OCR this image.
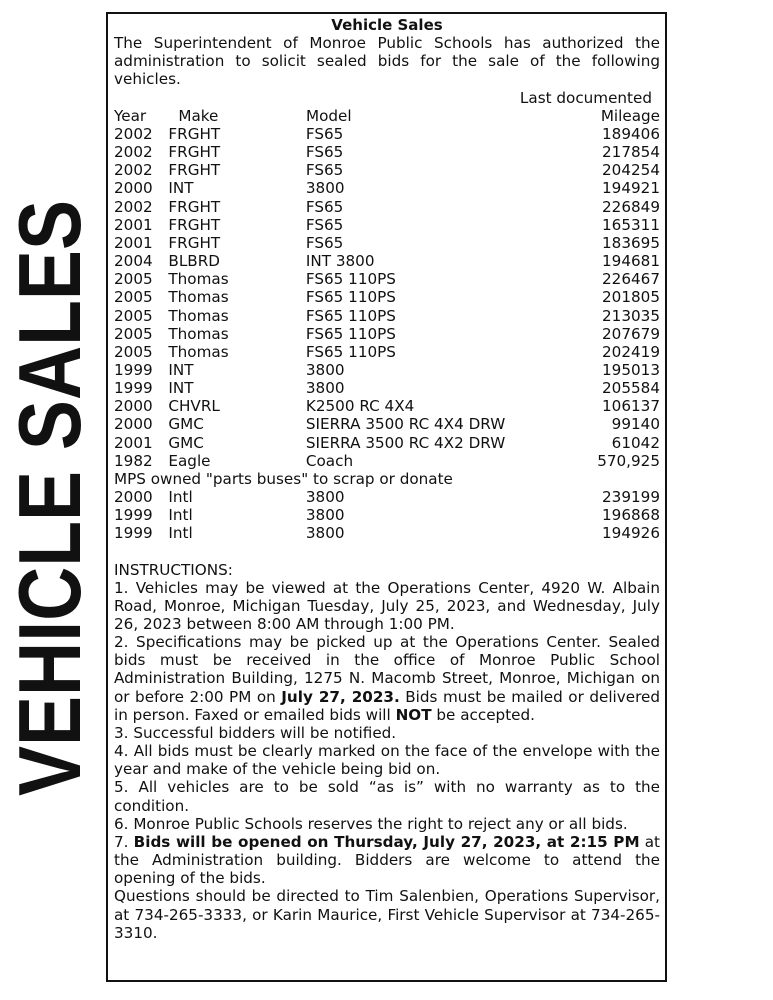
VEHICLE SALES
Vehicle Sales
The Superintendent of Monroe Public Schools has authorized the administration to solicit sealed bids for the sale of the following vehicles.
Last documented
Year	Make	Model	Mileage
2002	FRGHT	FS65	189406
2002	FRGHT	FS65	217854
2002	FRGHT	FS65	204254
2000	INT	3800	194921
2002	FRGHT	FS65	226849
2001	FRGHT	FS65	165311
2001	FRGHT	FS65	183695
2004	BLBRD	INT 3800	194681
2005	Thomas	FS65 110PS	226467
2005	Thomas	FS65 110PS	201805
2005	Thomas	FS65 110PS	213035
2005	Thomas	FS65 110PS	207679
2005	Thomas	FS65 110PS	202419
1999	INT	3800	195013
1999	INT	3800	205584
2000	CHVRL	K2500 RC 4X4	106137
2000	GMC	SIERRA 3500 RC 4X4 DRW	99140
2001	GMC	SIERRA 3500 RC 4X2 DRW	61042
1982	Eagle	Coach	570,925
MPS owned "parts buses" to scrap or donate
2000	Intl	3800	239199
1999	Intl	3800	196868
1999	Intl	3800	194926

INSTRUCTIONS:

1. Vehicles may be viewed at the Operations Center, 4920 W. Albain Road, Monroe, Michigan Tuesday, July 25, 2023, and Wednesday, July 26, 2023 between 8:00 AM through 1:00 PM.

2. Specifications may be picked up at the Operations Center. Sealed bids must be received in the office of Monroe Public School Administration Building, 1275 N. Macomb Street, Monroe, Michigan on or before 2:00 PM on July 27, 2023. Bids must be mailed or delivered in person. Faxed or emailed bids will NOT be accepted.

3. Successful bidders will be notified.

4. All bids must be clearly marked on the face of the envelope with the year and make of the vehicle being bid on.

5. All vehicles are to be sold “as is” with no warranty as to the condition.

6. Monroe Public Schools reserves the right to reject any or all bids.

7. Bids will be opened on Thursday, July 27, 2023, at 2:15 PM at the Administration building. Bidders are welcome to attend the opening of the bids.

Questions should be directed to Tim Salenbien, Operations Supervisor, at 734-265-3333, or Karin Maurice, First Vehicle Supervisor at 734-265-3310.
